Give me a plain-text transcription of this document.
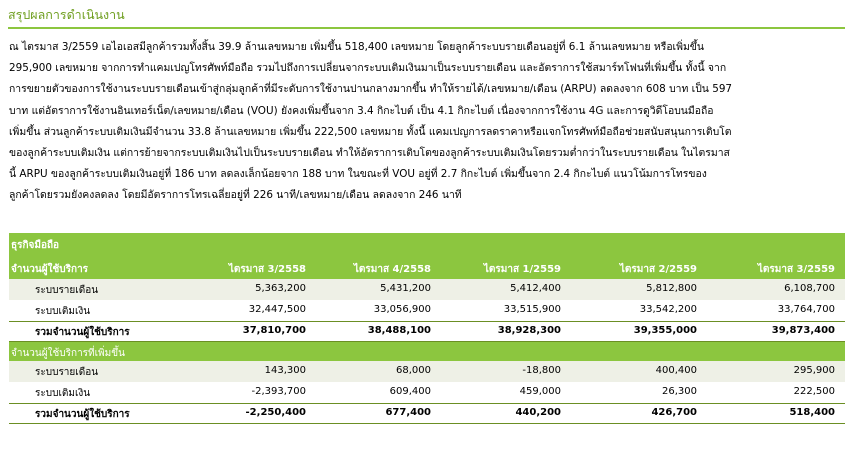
สรุปผลการดำเนินงาน

ณ ไตรมาส 3/2559 เอไอเอสมีลูกค้ารวมทั้งสิ้น 39.9 ล้านเลขหมาย เพิ่มขึ้น 518,400 เลขหมาย โดยลูกค้าระบบรายเดือนอยู่ที่ 6.1 ล้านเลขหมาย หรือเพิ่มขึ้น

295,900 เลขหมาย จากการทำแคมเปญโทรศัพท์มือถือ รวมไปถึงการเปลี่ยนจากระบบเติมเงินมาเป็นระบบรายเดือน และอัตราการใช้สมาร์ทโฟนที่เพิ่มขึ้น ทั้งนี้ จาก

การขยายตัวของการใช้งานระบบรายเดือนเข้าสู่กลุ่มลูกค้าที่มีระดับการใช้งานปานกลางมากขึ้น ทำให้รายได้/เลขหมาย/เดือน (ARPU) ลดลงจาก 608 บาท เป็น 597

บาท แต่อัตราการใช้งานอินเทอร์เน็ต/เลขหมาย/เดือน (VOU) ยังคงเพิ่มขึ้นจาก 3.4 กิกะไบต์ เป็น 4.1 กิกะไบต์ เนื่องจากการใช้งาน 4G และการดูวิดีโอบนมือถือ

เพิ่มขึ้น ส่วนลูกค้าระบบเติมเงินมีจำนวน 33.8 ล้านเลขหมาย เพิ่มขึ้น 222,500 เลขหมาย ทั้งนี้ แคมเปญการลดราคาหรือแจกโทรศัพท์มือถือช่วยสนับสนุนการเติบโต

ของลูกค้าระบบเติมเงิน แต่การย้ายจากระบบเติมเงินไปเป็นระบบรายเดือน ทำให้อัตราการเติบโตของลูกค้าระบบเติมเงินโดยรวมต่ำกว่าในระบบรายเดือน ในไตรมาส

นี้ ARPU ของลูกค้าระบบเติมเงินอยู่ที่ 186 บาท ลดลงเล็กน้อยจาก 188 บาท ในขณะที่ VOU อยู่ที่ 2.7 กิกะไบต์ เพิ่มขึ้นจาก 2.4 กิกะไบต์ แนวโน้มการโทรของ

ลูกค้าโดยรวมยังคงลดลง โดยมีอัตราการโทรเฉลี่ยอยู่ที่ 226 นาที/เลขหมาย/เดือน ลดลงจาก 246 นาที

ธุรกิจมือถือ
จำนวนผู้ใช้บริการ	ไตรมาส 3/2558	ไตรมาส 4/2558	ไตรมาส 1/2559	ไตรมาส 2/2559	ไตรมาส 3/2559
ระบบรายเดือน	5,363,200	5,431,200	5,412,400	5,812,800	6,108,700
ระบบเติมเงิน	32,447,500	33,056,900	33,515,900	33,542,200	33,764,700
รวมจำนวนผู้ใช้บริการ	37,810,700	38,488,100	38,928,300	39,355,000	39,873,400
จำนวนผู้ใช้บริการที่เพิ่มขึ้น
ระบบรายเดือน	143,300	68,000	-18,800	400,400	295,900
ระบบเติมเงิน	-2,393,700	609,400	459,000	26,300	222,500
รวมจำนวนผู้ใช้บริการ	-2,250,400	677,400	440,200	426,700	518,400
